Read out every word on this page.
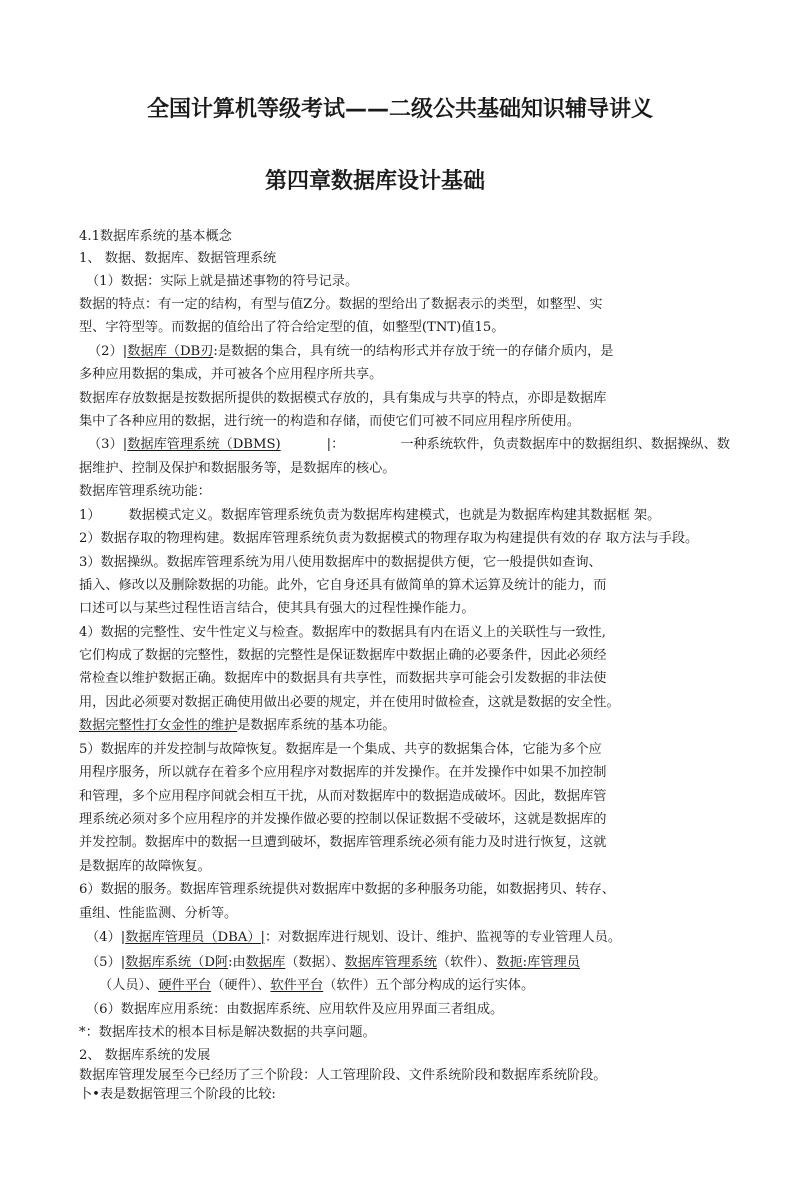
全国计算机等级考试——二级公共基础知识辅导讲义
第四章数据库设计基础
4.1数据库系统的基本概念
1、 数据、数据库、数据管理系统
（1）数据：实际上就是描述事物的符号记录。
数据的特点：有一定的结构，有型与值Z分。数据的型给出了数据表示的类型，如整型、实
型、字符型等。而数据的值给出了符合给定型的值，如整型(TNT)值15。
（2）|数据库（DB刃:是数据的集合，具有统一的结构形式并存放于统一的存储介质内，是
多种应用数据的集成，并可被各个应用程序所共享。
数据库存放数据是按数据所提供的数据模式存放的，具有集成与共享的特点，亦即是数据库
集中了各种应用的数据，进行统一的构造和存储，而使它们可被不同应用程序所使用。
（3）|数据库管理系统（DBMS)	|：	一种系统软件，负责数据库中的数据组织、数据操纵、数
据维护、控制及保护和数据服务等，是数据库的核心。
数据库管理系统功能：
1） 数据模式定义。数据库管理系统负责为数据库构建模式，也就是为数据库构建其数据框 架。
2）数据存取的物理构建。数据库管理系统负责为数据模式的物理存取为构建提供有效的存 取方法与手段。
3）数据操纵。数据库管理系统为用八使用数据库中的数据提供方便，它一般提供如查询、
插入、修改以及删除数据的功能。此外，它自身还具有做简单的算术运算及统计的能力，而
口述可以与某些过程性语言结合，使其具有强大的过程性操作能力。
4）数据的完整性、安牛性定义与检查。数据库中的数据具有内在语义上的关联性与一致性,
它们构成了数据的完整性，数据的完整性是保证数据库中数据止确的必要条件，因此必须经
常检查以维护数据正确。数据库中的数据具有共享性，而数据共享可能会引发数据的非法使
用，因此必须要对数据正确使用做出必要的规定，并在使用时做检查，这就是数据的安全性。
数据完整性打女金性的维护是数据库系统的基本功能。
5）数据库的并发控制与故障恢复。数据库是一个集成、共亨的数据集合体，它能为多个应
用程序服务，所以就存在着多个应用程序对数据库的并发操作。在并发操作中如果不加控制
和管理，多个应用程序间就会相互干扰，从而对数据库中的数据造成破坏。因此，数据库管
理系统必须对多个应用程序的并发操作做必要的控制以保证数据不受破坏，这就是数据库的
并发控制。数据库中的数据一旦遭到破坏，数据库管理系统必须有能力及时进行恢复，这就
是数据库的故障恢复。
6）数据的服务。数据库管理系统提供对数据库中数据的多种服务功能，如数据拷贝、转存、
重组、性能监测、分析等。
（4）|数据库管理员（DBA）|：对数据库进行规划、设计、维护、监视等的专业管理人员。
（5）|数据库系统（D阿:由数据库（数据）、数据库管理系统（软件）、数扼:库管理员
（人员）、硬件平台（硬件）、软件平台（软件）五个部分构成的运行实体。
（6）数据库应用系统：由数据库系统、应用软件及应用界面三者组成。
*：数据库技术的根本目标是解决数据的共享问题。
2、 数据库系统的发展
数据库管理发展至今已经历了三个阶段：人工管理阶段、文件系统阶段和数据库系统阶段。
卜•表是数据管理三个阶段的比较:
